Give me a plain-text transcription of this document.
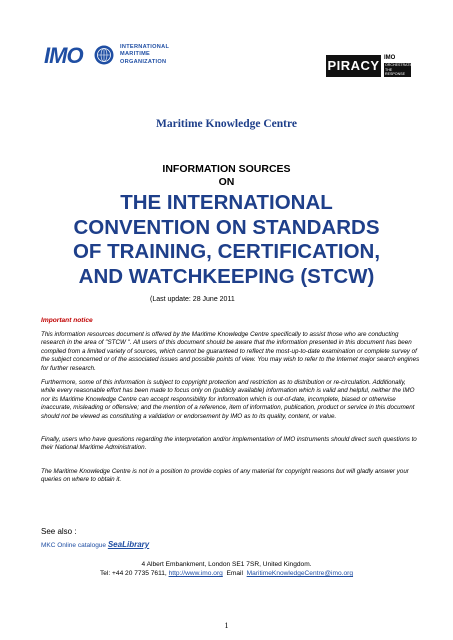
IMO	INTERNATIONAL
MARITIME
ORGANIZATION	PIRACY IMO
ORCHESTRATING
THE RESPONSE
Maritime Knowledge Centre
INFORMATION SOURCES
ON
THE INTERNATIONAL CONVENTION ON STANDARDS OF TRAINING, CERTIFICATION, AND WATCHKEEPING (STCW)
(Last update: 28 June 2011
Important notice
This information resources document is offered by the Maritime Knowledge Centre specifically to assist those who are conducting research in the area of "STCW ". All users of this document should be aware that the information presented in this document has been compiled from a limited variety of sources, which cannot be guaranteed to reflect the most-up-to-date examination or complete survey of the subject concerned or of the associated issues and possible points of view. You may wish to refer to the Internet major search engines for further research.
Furthermore, some of this information is subject to copyright protection and restriction as to distribution or re-circulation. Additionally, while every reasonable effort has been made to focus only on (publicly available) information which is valid and helpful, neither the IMO nor its Maritime Knowledge Centre can accept responsibility for information which is out-of-date, incomplete, biased or otherwise inaccurate, misleading or offensive; and the mention of a reference, item of information, publication, product or service in this document should not be viewed as constituting a validation or endorsement by IMO as to its quality, content, or value.
Finally, users who have questions regarding the interpretation and/or implementation of IMO instruments should direct such questions to their National Maritime Administration.
The Maritime Knowledge Centre is not in a position to provide copies of any material for copyright reasons but will gladly answer your queries on where to obtain it.
See also :
MKC Online catalogue SeaLibrary
4 Albert Embankment, London SE1 7SR, United Kingdom.
Tel: +44 20 7735 7611, http://www.imo.org  Email  MaritimeKnowledgeCentre@imo.org
1
